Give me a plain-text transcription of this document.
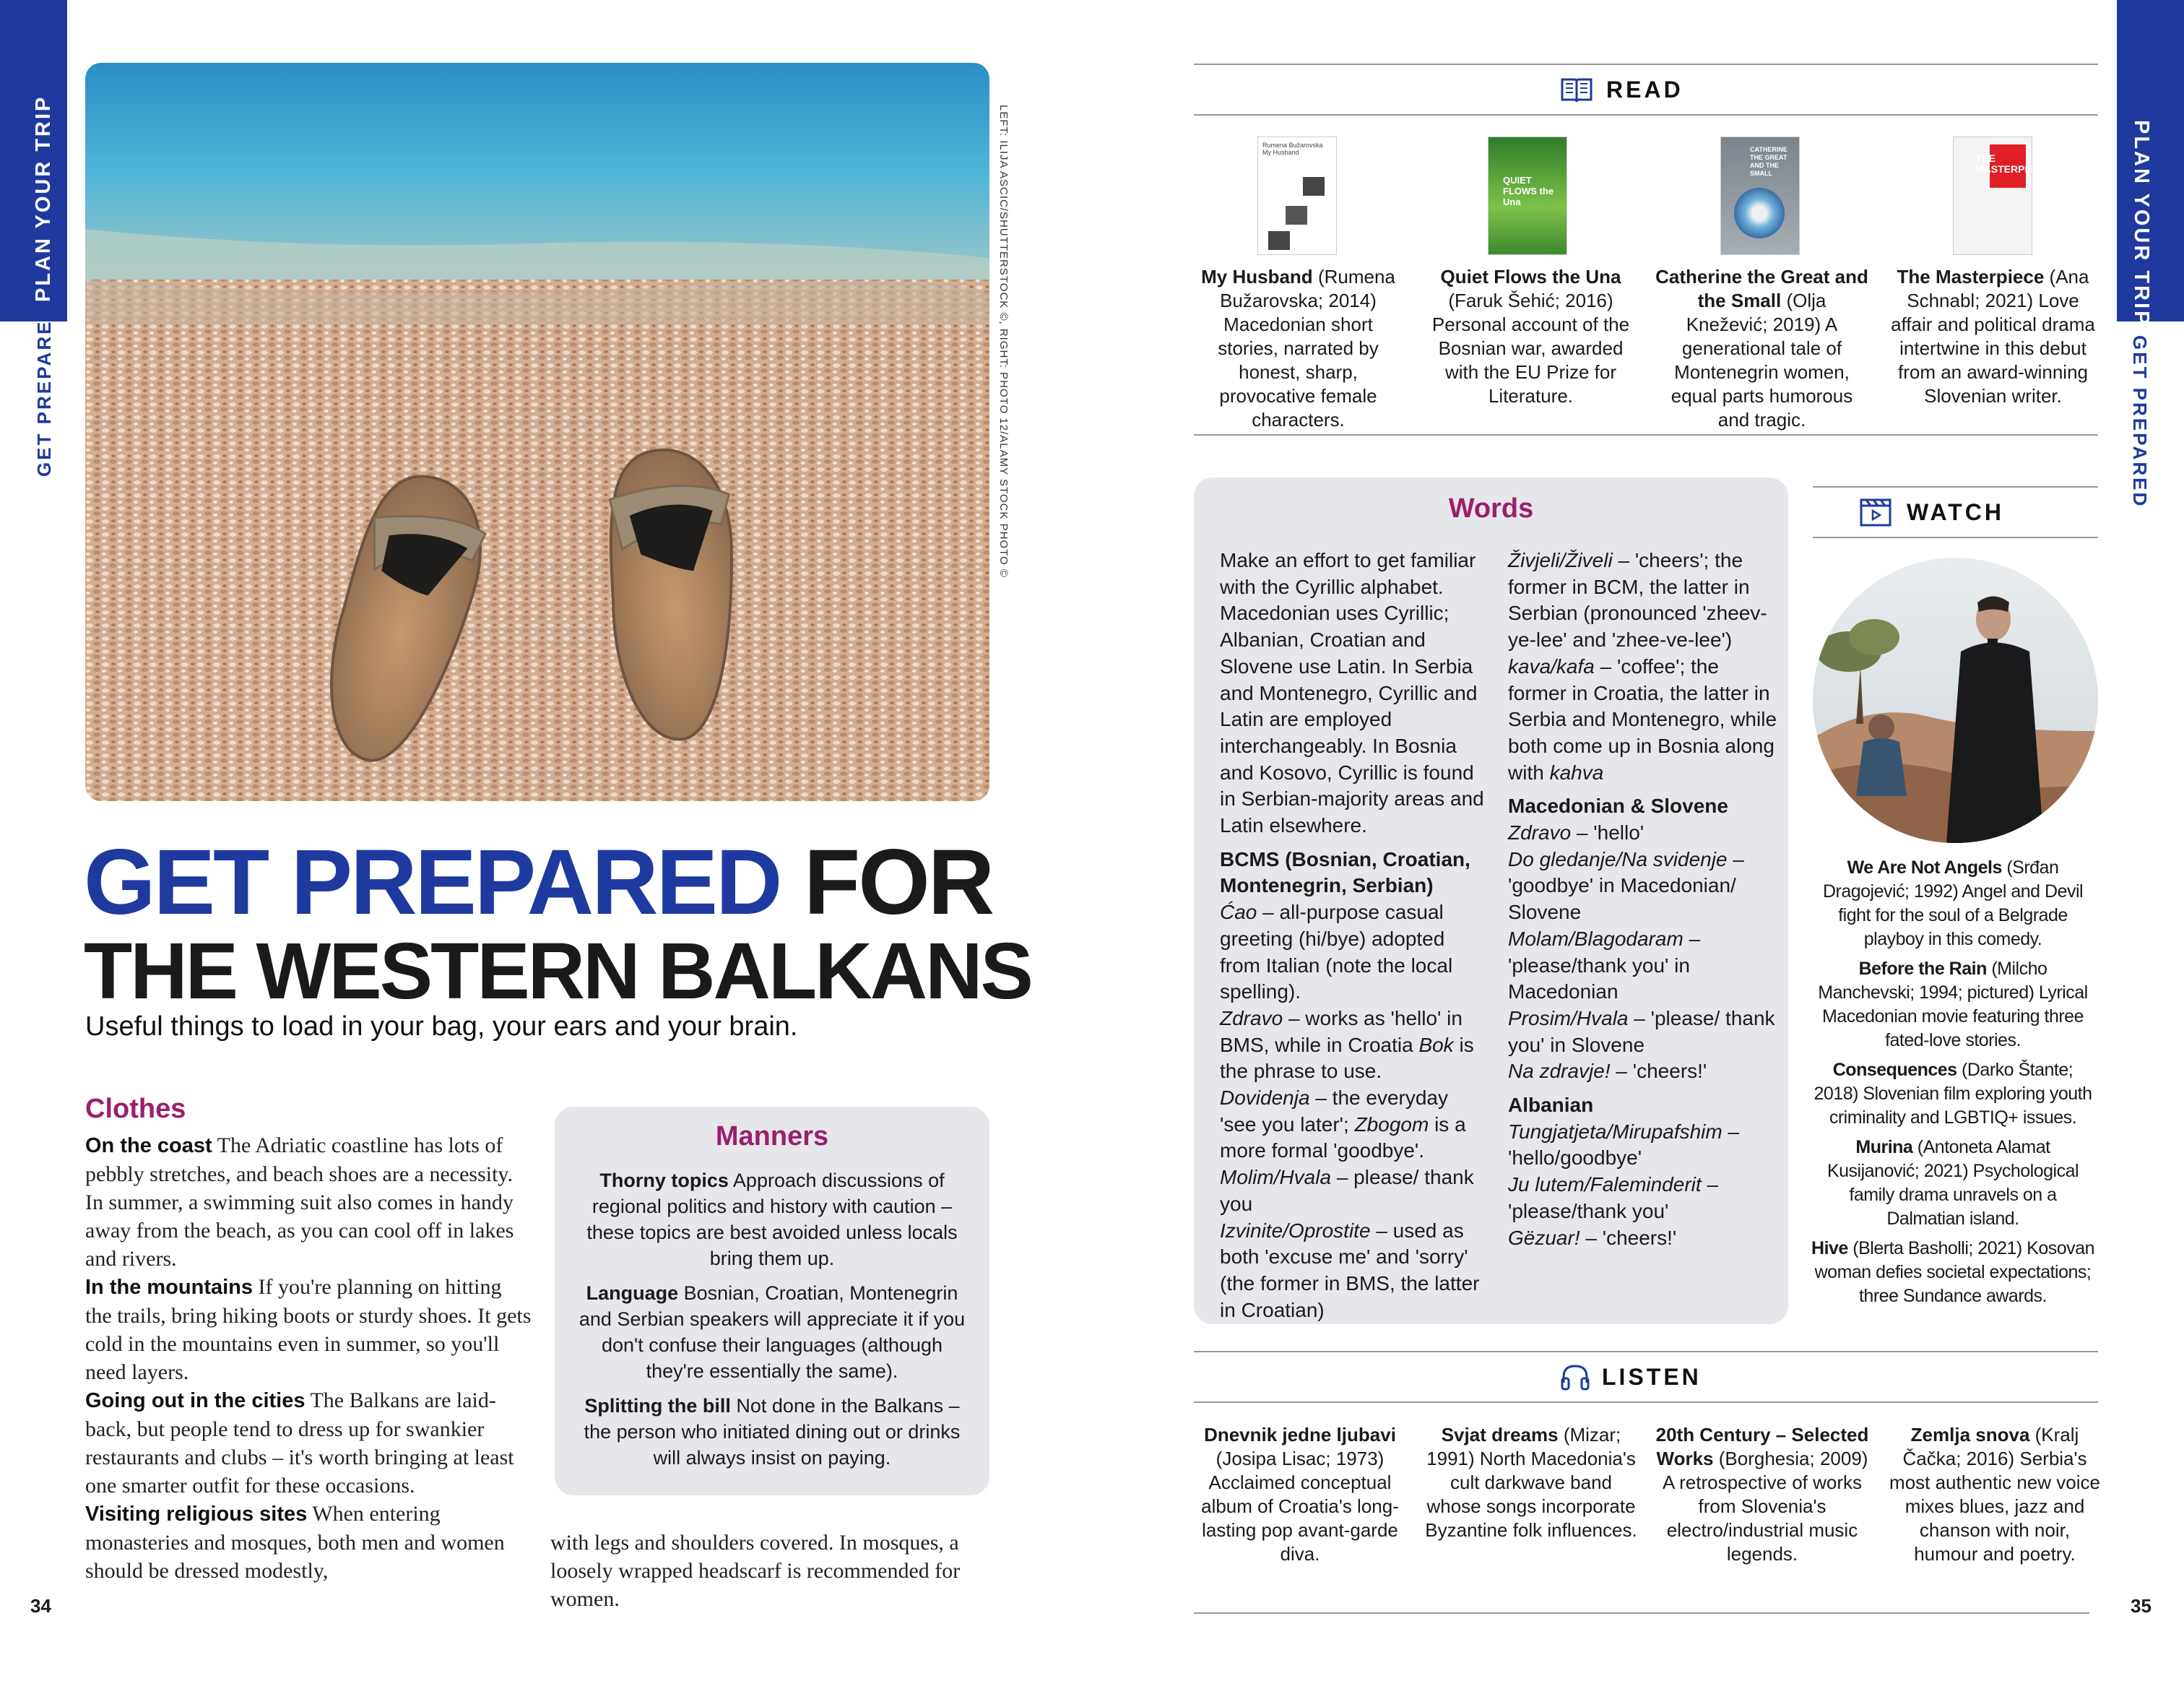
PLAN YOUR TRIP
GET PREPARED
34
LEFT: ILIJA ASCIC/SHUTTERSTOCK ©, RIGHT: PHOTO 12/ALAMY STOCK PHOTO ©
GET PREPARED FOR
THE WESTERN BALKANS
Useful things to load in your bag, your ears and your brain.
Clothes
On the coast The Adriatic coastline has lots of pebbly stretches, and beach shoes are a necessity. In summer, a swimming suit also comes in handy away from the beach, as you can cool off in lakes and rivers.
In the mountains If you're planning on hitting the trails, bring hiking boots or sturdy shoes. It gets cold in the mountains even in summer, so you'll need layers.
Going out in the cities The Balkans are laid-back, but people tend to dress up for swankier restaurants and clubs – it's worth bringing at least one smarter outfit for these occasions.
Visiting religious sites When entering monasteries and mosques, both men and women should be dressed modestly,
with legs and shoulders covered. In mosques, a loosely wrapped headscarf is recommended for women.
Manners
Thorny topics Approach discussions of regional politics and history with caution – these topics are best avoided unless locals bring them up.
Language Bosnian, Croatian, Montenegrin and Serbian speakers will appreciate it if you don't confuse their languages (although they're essentially the same).
Splitting the bill Not done in the Balkans – the person who initiated dining out or drinks will always insist on paying.
PLAN YOUR TRIP
GET PREPARED
35
READ
Rumena Bužarovska My Husband
QUIET FLOWS the Una
CATHERINE THE GREAT AND THE SMALL
THE MASTERPIECE
My Husband (Rumena Bužarovska; 2014) Macedonian short stories, narrated by honest, sharp, provocative female characters.
Quiet Flows the Una (Faruk Šehić; 2016) Personal account of the Bosnian war, awarded with the EU Prize for Literature.
Catherine the Great and the Small (Olja Knežević; 2019) A generational tale of Montenegrin women, equal parts humorous and tragic.
The Masterpiece (Ana Schnabl; 2021) Love affair and political drama intertwine in this debut from an award-winning Slovenian writer.
Words

Make an effort to get familiar with the Cyrillic alphabet. Macedonian uses Cyrillic; Albanian, Croatian and Slovene use Latin. In Serbia and Montenegro, Cyrillic and Latin are employed interchangeably. In Bosnia and Kosovo, Cyrillic is found in Serbian-majority areas and Latin elsewhere.

BCMS (Bosnian, Croatian, Montenegrin, Serbian)
Ćao – all-purpose casual greeting (hi/bye) adopted from Italian (note the local spelling).
Zdravo – works as 'hello' in BMS, while in Croatia Bok is the phrase to use.
Dovidenja – the everyday 'see you later'; Zbogom is a more formal 'goodbye'.
Molim/Hvala – please/ thank you
Izvinite/Oprostite – used as both 'excuse me' and 'sorry' (the former in BMS, the latter in Croatian)
Živjeli/Živeli – 'cheers'; the former in BCM, the latter in Serbian (pronounced 'zheev-ye-lee' and 'zhee-ve-lee')
kava/kafa – 'coffee'; the former in Croatia, the latter in Serbia and Montenegro, while both come up in Bosnia along with kahva
Macedonian & Slovene
Zdravo – 'hello'
Do gledanje/Na svidenje – 'goodbye' in Macedonian/ Slovene
Molam/Blagodaram – 'please/thank you' in Macedonian
Prosim/Hvala – 'please/ thank you' in Slovene
Na zdravje! – 'cheers!'
Albanian
Tungjatjeta/Mirupafshim – 'hello/goodbye'
Ju lutem/Faleminderit – 'please/thank you'
Gëzuar! – 'cheers!'
WATCH

We Are Not Angels (Srđan Dragojević; 1992) Angel and Devil fight for the soul of a Belgrade playboy in this comedy.

Before the Rain (Milcho Manchevski; 1994; pictured) Lyrical Macedonian movie featuring three fated-love stories.

Consequences (Darko Štante; 2018) Slovenian film exploring youth criminality and LGBTIQ+ issues.

Murina (Antoneta Alamat Kusijanović; 2021) Psychological family drama unravels on a Dalmatian island.

Hive (Blerta Basholli; 2021) Kosovan woman defies societal expectations; three Sundance awards.

LISTEN
Dnevnik jedne ljubavi (Josipa Lisac; 1973) Acclaimed conceptual album of Croatia's long-lasting pop avant-garde diva.
Svjat dreams (Mizar; 1991) North Macedonia's cult darkwave band whose songs incorporate Byzantine folk influences.
20th Century – Selected Works (Borghesia; 2009) A retrospective of works from Slovenia's electro/industrial music legends.
Zemlja snova (Kralj Čačka; 2016) Serbia's most authentic new voice mixes blues, jazz and chanson with noir, humour and poetry.
